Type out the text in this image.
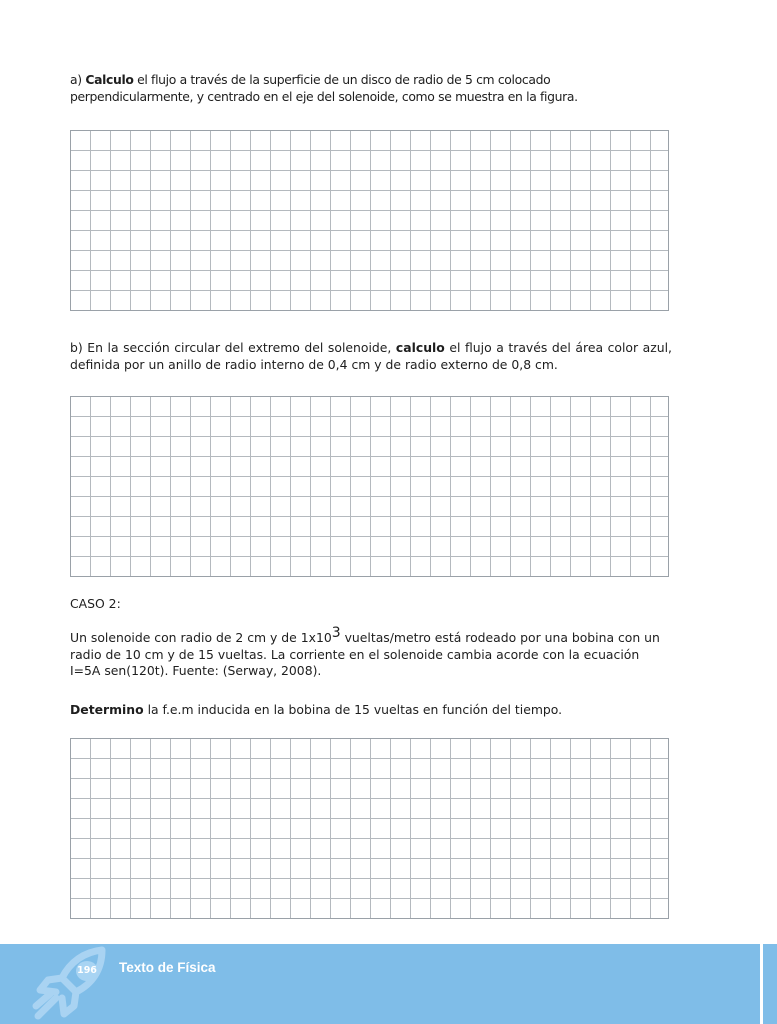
a) Calculo el flujo a través de la superficie de un disco de radio de 5 cm colocado perpendicularmente, y centrado en el eje del solenoide, como se muestra en la figura.

b) En la sección circular del extremo del solenoide, calculo el flujo a través del área color azul, definida por un anillo de radio interno de 0,4 cm y de radio externo de 0,8 cm.

CASO 2:

Un solenoide con radio de 2 cm y de $1x10^3$ vueltas/metro está rodeado por una bobina con un radio de 10 cm y de 15 vueltas. La corriente en el solenoide cambia acorde con la ecuación I=5A sen(120t). Fuente: (Serway, 2008).

Determino la f.e.m inducida en la bobina de 15 vueltas en función del tiempo.

196 Texto de Física
